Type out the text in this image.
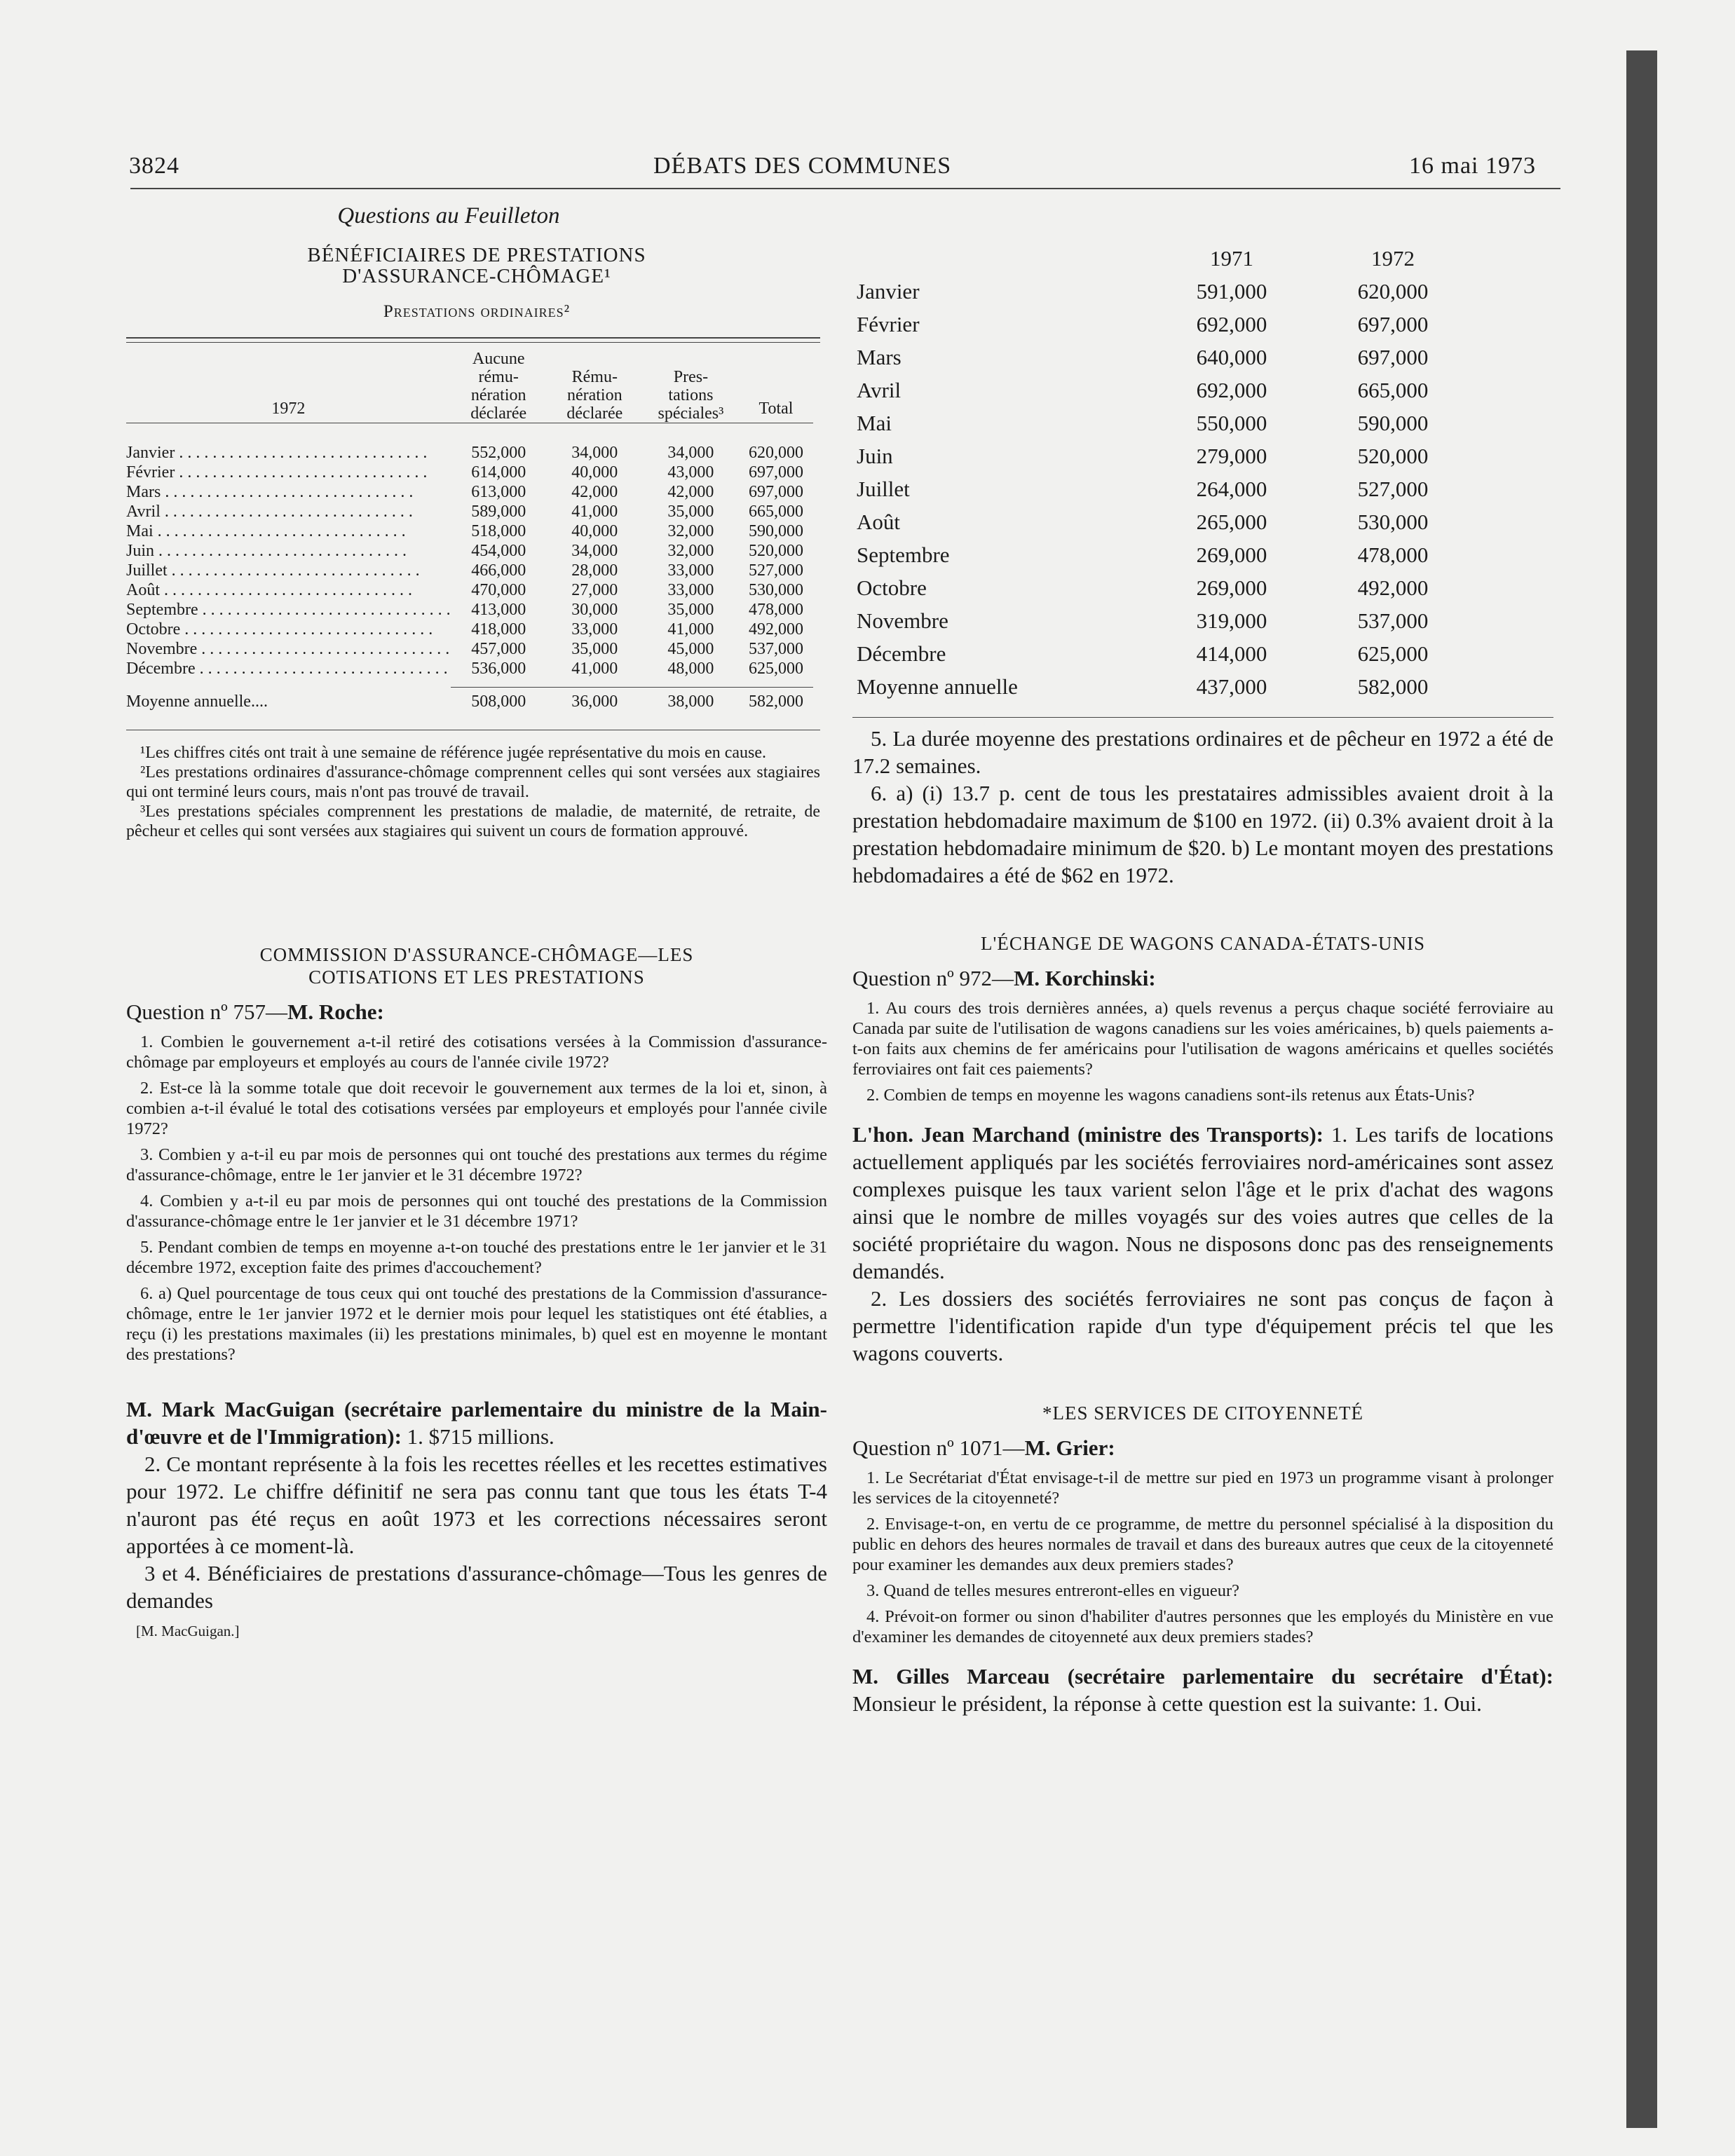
3824	DÉBATS DES COMMUNES	16 mai 1973
Questions au Feuilleton
BÉNÉFICIAIRES DE PRESTATIONS
D'ASSURANCE-CHÔMAGE¹
Prestations ordinaires²
1972	Aucune rému- nération déclarée	Rému- nération déclarée	Pres- tations spéciales³	Total

Janvier . . . . . . . . . . . . . . . . . . . . . . . . . . . . . .	552,000	34,000	34,000	620,000
Février . . . . . . . . . . . . . . . . . . . . . . . . . . . . . .	614,000	40,000	43,000	697,000
Mars . . . . . . . . . . . . . . . . . . . . . . . . . . . . . .	613,000	42,000	42,000	697,000
Avril . . . . . . . . . . . . . . . . . . . . . . . . . . . . . .	589,000	41,000	35,000	665,000
Mai . . . . . . . . . . . . . . . . . . . . . . . . . . . . . .	518,000	40,000	32,000	590,000
Juin . . . . . . . . . . . . . . . . . . . . . . . . . . . . . .	454,000	34,000	32,000	520,000
Juillet . . . . . . . . . . . . . . . . . . . . . . . . . . . . . .	466,000	28,000	33,000	527,000
Août . . . . . . . . . . . . . . . . . . . . . . . . . . . . . .	470,000	27,000	33,000	530,000
Septembre . . . . . . . . . . . . . . . . . . . . . . . . . . . . . .	413,000	30,000	35,000	478,000
Octobre . . . . . . . . . . . . . . . . . . . . . . . . . . . . . .	418,000	33,000	41,000	492,000
Novembre . . . . . . . . . . . . . . . . . . . . . . . . . . . . . .	457,000	35,000	45,000	537,000
Décembre . . . . . . . . . . . . . . . . . . . . . . . . . . . . . .	536,000	41,000	48,000	625,000

Moyenne annuelle....	508,000	36,000	38,000	582,000

¹Les chiffres cités ont trait à une semaine de référence jugée représentative du mois en cause.

²Les prestations ordinaires d'assurance-chômage comprennent celles qui sont versées aux stagiaires qui ont terminé leurs cours, mais n'ont pas trouvé de travail.

³Les prestations spéciales comprennent les prestations de maladie, de maternité, de retraite, de pêcheur et celles qui sont versées aux stagiaires qui suivent un cours de formation approuvé.

COMMISSION D'ASSURANCE-CHÔMAGE—LES
COTISATIONS ET LES PRESTATIONS
Question nº 757—M. Roche:

1. Combien le gouvernement a-t-il retiré des cotisations versées à la Commission d'assurance-chômage par employeurs et employés au cours de l'année civile 1972?

2. Est-ce là la somme totale que doit recevoir le gouvernement aux termes de la loi et, sinon, à combien a-t-il évalué le total des cotisations versées par employeurs et employés pour l'année civile 1972?

3. Combien y a-t-il eu par mois de personnes qui ont touché des prestations aux termes du régime d'assurance-chômage, entre le 1er janvier et le 31 décembre 1972?

4. Combien y a-t-il eu par mois de personnes qui ont touché des prestations de la Commission d'assurance-chômage entre le 1er janvier et le 31 décembre 1971?

5. Pendant combien de temps en moyenne a-t-on touché des prestations entre le 1er janvier et le 31 décembre 1972, exception faite des primes d'accouchement?

6. a) Quel pourcentage de tous ceux qui ont touché des prestations de la Commission d'assurance-chômage, entre le 1er janvier 1972 et le dernier mois pour lequel les statistiques ont été établies, a reçu (i) les prestations maximales (ii) les prestations minimales, b) quel est en moyenne le montant des prestations?

M. Mark MacGuigan (secrétaire parlementaire du ministre de la Main-d'œuvre et de l'Immigration): 1. $715 millions.

2. Ce montant représente à la fois les recettes réelles et les recettes estimatives pour 1972. Le chiffre définitif ne sera pas connu tant que tous les états T-4 n'auront pas été reçus en août 1973 et les corrections nécessaires seront apportées à ce moment-là.

3 et 4. Bénéficiaires de prestations d'assurance-chômage—Tous les genres de demandes

[M. MacGuigan.]
	1971	1972
Janvier	591,000	620,000
Février	692,000	697,000
Mars	640,000	697,000
Avril	692,000	665,000
Mai	550,000	590,000
Juin	279,000	520,000
Juillet	264,000	527,000
Août	265,000	530,000
Septembre	269,000	478,000
Octobre	269,000	492,000
Novembre	319,000	537,000
Décembre	414,000	625,000
Moyenne annuelle	437,000	582,000

5. La durée moyenne des prestations ordinaires et de pêcheur en 1972 a été de 17.2 semaines.

6. a) (i) 13.7 p. cent de tous les prestataires admissibles avaient droit à la prestation hebdomadaire maximum de $100 en 1972. (ii) 0.3% avaient droit à la prestation hebdomadaire minimum de $20. b) Le montant moyen des prestations hebdomadaires a été de $62 en 1972.

L'ÉCHANGE DE WAGONS CANADA-ÉTATS-UNIS
Question nº 972—M. Korchinski:

1. Au cours des trois dernières années, a) quels revenus a perçus chaque société ferroviaire au Canada par suite de l'utilisation de wagons canadiens sur les voies américaines, b) quels paiements a-t-on faits aux chemins de fer américains pour l'utilisation de wagons américains et quelles sociétés ferroviaires ont fait ces paiements?

2. Combien de temps en moyenne les wagons canadiens sont-ils retenus aux États-Unis?

L'hon. Jean Marchand (ministre des Transports): 1. Les tarifs de locations actuellement appliqués par les sociétés ferroviaires nord-américaines sont assez complexes puisque les taux varient selon l'âge et le prix d'achat des wagons ainsi que le nombre de milles voyagés sur des voies autres que celles de la société propriétaire du wagon. Nous ne disposons donc pas des renseignements demandés.

2. Les dossiers des sociétés ferroviaires ne sont pas conçus de façon à permettre l'identification rapide d'un type d'équipement précis tel que les wagons couverts.

*LES SERVICES DE CITOYENNETÉ
Question nº 1071—M. Grier:

1. Le Secrétariat d'État envisage-t-il de mettre sur pied en 1973 un programme visant à prolonger les services de la citoyenneté?

2. Envisage-t-on, en vertu de ce programme, de mettre du personnel spécialisé à la disposition du public en dehors des heures normales de travail et dans des bureaux autres que ceux de la citoyenneté pour examiner les demandes aux deux premiers stades?

3. Quand de telles mesures entreront-elles en vigueur?

4. Prévoit-on former ou sinon d'habiliter d'autres personnes que les employés du Ministère en vue d'examiner les demandes de citoyenneté aux deux premiers stades?

M. Gilles Marceau (secrétaire parlementaire du secrétaire d'État): Monsieur le président, la réponse à cette question est la suivante: 1. Oui.
